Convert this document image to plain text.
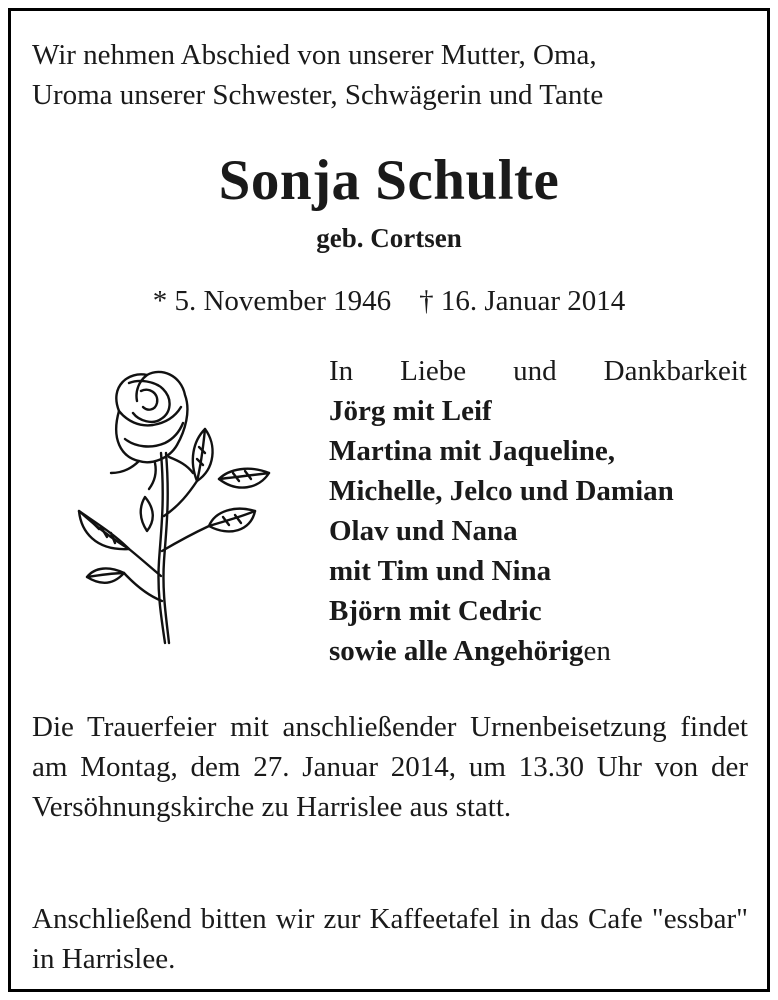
Wir nehmen Abschied von unserer Mutter, Oma,
Uroma unserer Schwester, Schwägerin und Tante

Sonja Schulte

geb. Cortsen

* 5. November 1946 † 16. Januar 2014

In Liebe und Dankbarkeit
Jörg mit Leif
Martina mit Jaqueline,
Michelle, Jelco und Damian
Olav und Nana
mit Tim und Nina
Björn mit Cedric
sowie alle Angehörigen

Die Trauerfeier mit anschließender Urnenbeisetzung findet am Montag, dem 27. Januar 2014, um 13.30 Uhr von der Versöhnungskirche zu Harrislee aus statt.

Anschließend bitten wir zur Kaffeetafel in das Cafe "essbar" in Harrislee.
